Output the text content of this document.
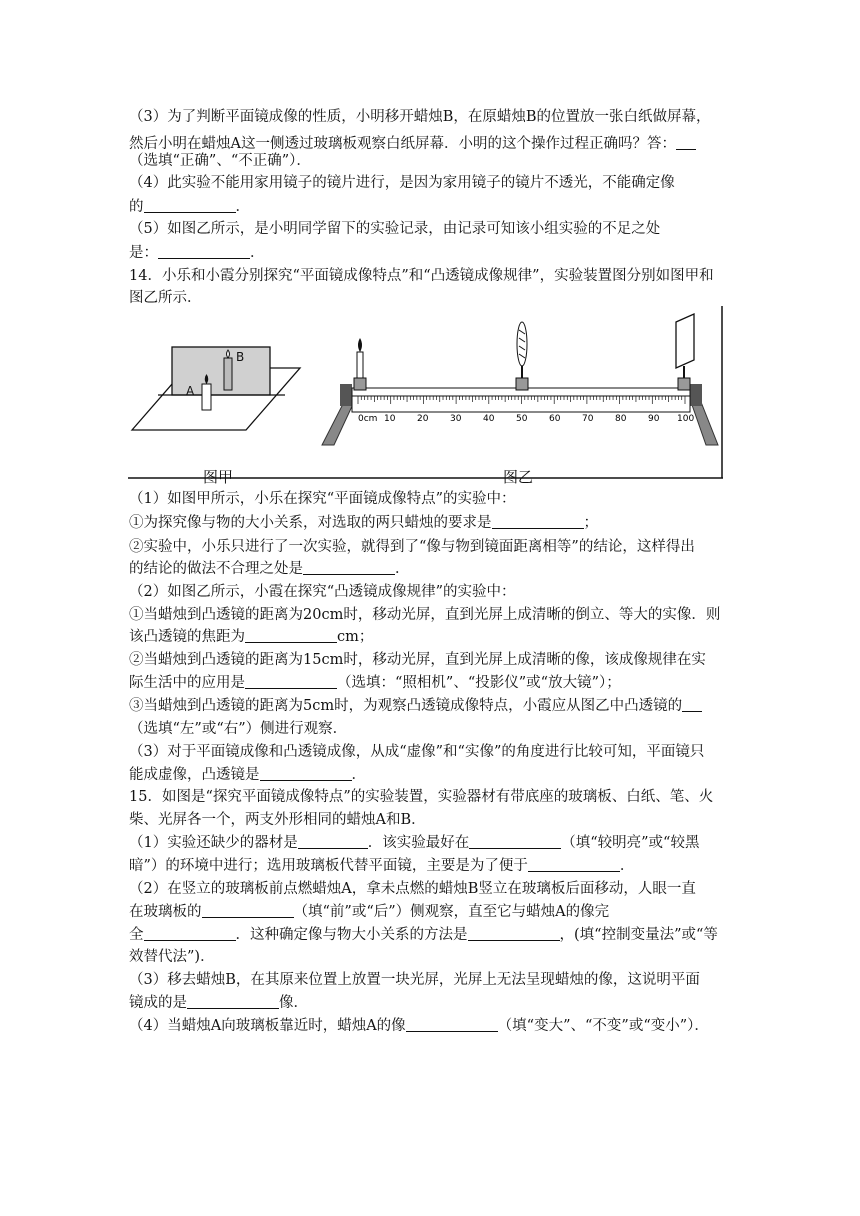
（3）为了判断平面镜成像的性质，小明移开蜡烛B，在原蜡烛B的位置放一张白纸做屏幕，
然后小明在蜡烛A这一侧透过玻璃板观察白纸屏幕．小明的这个操作过程正确吗？答：
（选填“正确”、“不正确”）．
（4）此实验不能用家用镜子的镜片进行，是因为家用镜子的镜片不透光，不能确定像
的	．
（5）如图乙所示，是小明同学留下的实验记录，由记录可知该小组实验的不足之处
是：	．
14．小乐和小霞分别探究“平面镜成像特点”和“凸透镜成像规律”，实验装置图分别如图甲和
图乙所示．
0cm 10 20 30 40 50 60 70 80 90 100
A
B
图甲	图乙
（1）如图甲所示，小乐在探究“平面镜成像特点”的实验中：
①为探究像与物的大小关系，对选取的两只蜡烛的要求是	；
②实验中，小乐只进行了一次实验，就得到了“像与物到镜面距离相等”的结论，这样得出
的结论的做法不合理之处是	．
（2）如图乙所示，小霞在探究“凸透镜成像规律”的实验中：
①当蜡烛到凸透镜的距离为20cm时，移动光屏，直到光屏上成清晰的倒立、等大的实像．则
该凸透镜的焦距为	cm；
②当蜡烛到凸透镜的距离为15cm时，移动光屏，直到光屏上成清晰的像，该成像规律在实
际生活中的应用是	（选填：“照相机”、“投影仪”或“放大镜”）；
③当蜡烛到凸透镜的距离为5cm时，为观察凸透镜成像特点，小霞应从图乙中凸透镜的
（选填“左”或“右”）侧进行观察．
（3）对于平面镜成像和凸透镜成像，从成“虚像”和“实像”的角度进行比较可知，平面镜只
能成虚像，凸透镜是	．
15．如图是“探究平面镜成像特点”的实验装置，实验器材有带底座的玻璃板、白纸、笔、火
柴、光屏各一个，两支外形相同的蜡烛A和B．
（1）实验还缺少的器材是	．该实验最好在	（填“较明亮”或“较黑
暗”）的环境中进行；选用玻璃板代替平面镜，主要是为了便于	．
（2）在竖立的玻璃板前点燃蜡烛A，拿未点燃的蜡烛B竖立在玻璃板后面移动，人眼一直
在玻璃板的	（填“前”或“后”）侧观察，直至它与蜡烛A的像完
全	．这种确定像与物大小关系的方法是	，(填“控制变量法”或“等
效替代法”)．
（3）移去蜡烛B，在其原来位置上放置一块光屏，光屏上无法呈现蜡烛的像，这说明平面
镜成的是	像．
（4）当蜡烛A向玻璃板靠近时，蜡烛A的像	（填“变大”、“不变”或“变小”）．
